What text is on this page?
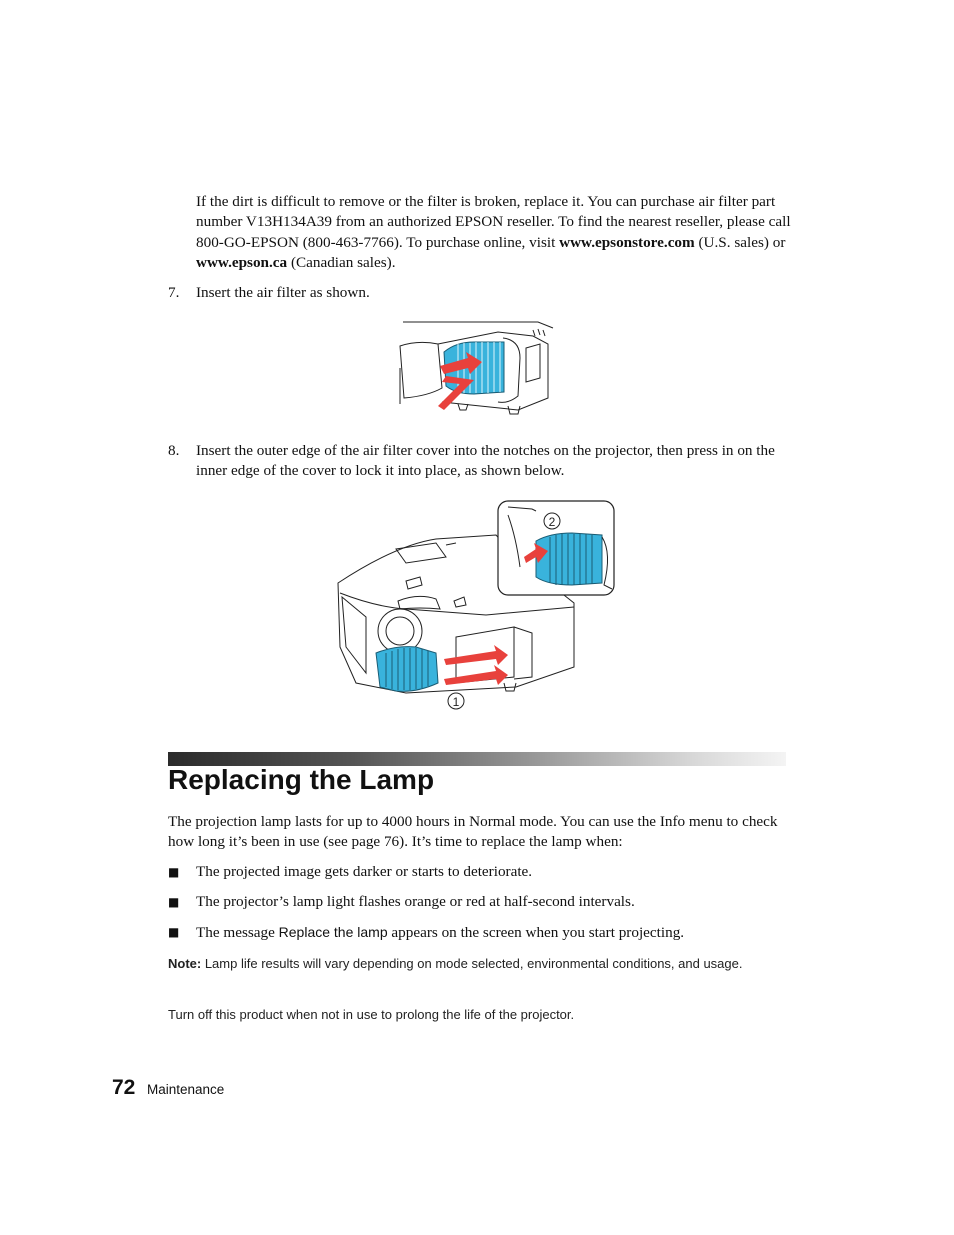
If the dirt is difficult to remove or the filter is broken, replace it. You can purchase air filter part number V13H134A39 from an authorized EPSON reseller. To find the nearest reseller, please call 800-GO-EPSON (800-463-7766). To purchase online, visit www.epsonstore.com (U.S. sales) or www.epson.ca (Canadian sales).
7.	Insert the air filter as shown.
8.	Insert the outer edge of the air filter cover into the notches on the projector, then press in on the inner edge of the cover to lock it into place, as shown below.
2
1
Replacing the Lamp
The projection lamp lasts for up to 4000 hours in Normal mode. You can use the Info menu to check how long it’s been in use (see page 76). It’s time to replace the lamp when:
■ The projected image gets darker or starts to deteriorate.
■ The projector’s lamp light flashes orange or red at half-second intervals.
■ The message Replace the lamp appears on the screen when you start projecting.
Note: Lamp life results will vary depending on mode selected, environmental conditions, and usage.
Turn off this product when not in use to prolong the life of the projector.
72 Maintenance
